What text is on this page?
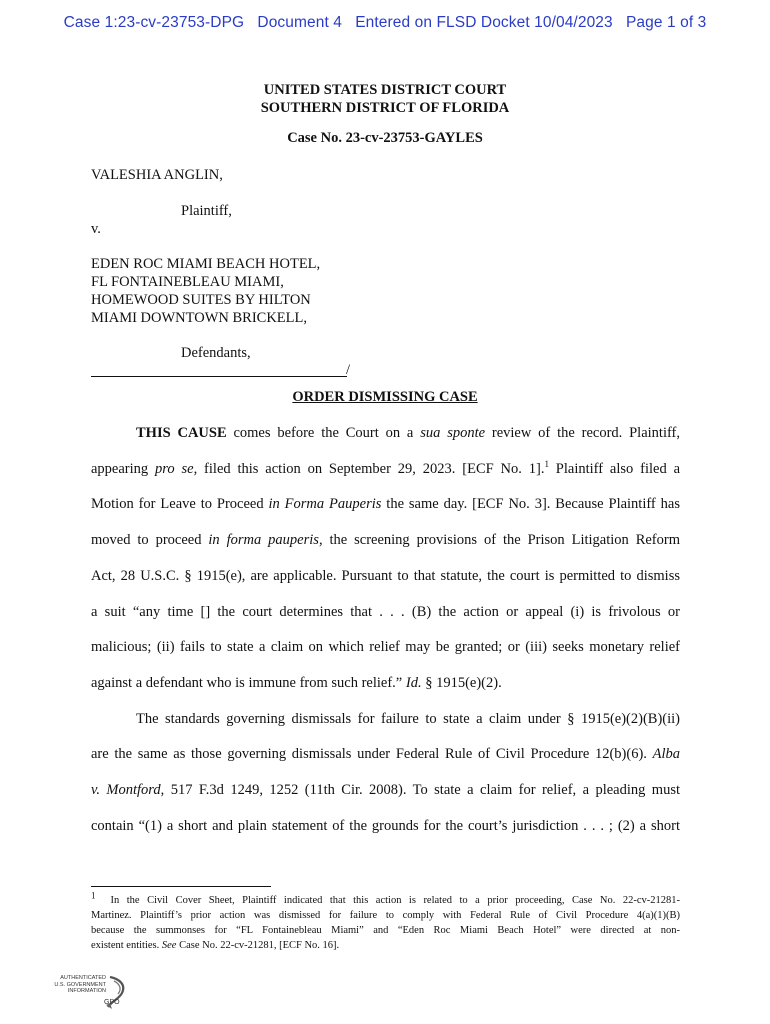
Case 1:23-cv-23753-DPG Document 4 Entered on FLSD Docket 10/04/2023 Page 1 of 3
UNITED STATES DISTRICT COURT
SOUTHERN DISTRICT OF FLORIDA
Case No. 23-cv-23753-GAYLES
VALESHIA ANGLIN,
Plaintiff,
v.
EDEN ROC MIAMI BEACH HOTEL,
FL FONTAINEBLEAU MIAMI,
HOMEWOOD SUITES BY HILTON
MIAMI DOWNTOWN BRICKELL,
Defendants,
/
ORDER DISMISSING CASE
THIS CAUSE comes before the Court on a sua sponte review of the record. Plaintiff,
appearing pro se, filed this action on September 29, 2023. [ECF No. 1].$^1$ Plaintiff also filed a
Motion for Leave to Proceed in Forma Pauperis the same day. [ECF No. 3]. Because Plaintiff has
moved to proceed in forma pauperis, the screening provisions of the Prison Litigation Reform
Act, 28 U.S.C. § 1915(e), are applicable. Pursuant to that statute, the court is permitted to dismiss
a suit “any time [] the court determines that . . . (B) the action or appeal (i) is frivolous or
malicious; (ii) fails to state a claim on which relief may be granted; or (iii) seeks monetary relief
against a defendant who is immune from such relief.” Id. § 1915(e)(2).
The standards governing dismissals for failure to state a claim under § 1915(e)(2)(B)(ii)
are the same as those governing dismissals under Federal Rule of Civil Procedure 12(b)(6). Alba
v. Montford, 517 F.3d 1249, 1252 (11th Cir. 2008). To state a claim for relief, a pleading must
contain “(1) a short and plain statement of the grounds for the court’s jurisdiction . . . ; (2) a short
$^1$ In the Civil Cover Sheet, Plaintiff indicated that this action is related to a prior proceeding, Case No. 22-cv-21281-
Martinez. Plaintiff’s prior action was dismissed for failure to comply with Federal Rule of Civil Procedure 4(a)(1)(B)
because the summonses for “FL Fontainebleau Miami” and “Eden Roc Miami Beach Hotel” were directed at non-
existent entities. See Case No. 22-cv-21281, [ECF No. 16].
AUTHENTICATED
U.S. GOVERNMENT
INFORMATION
GPO
